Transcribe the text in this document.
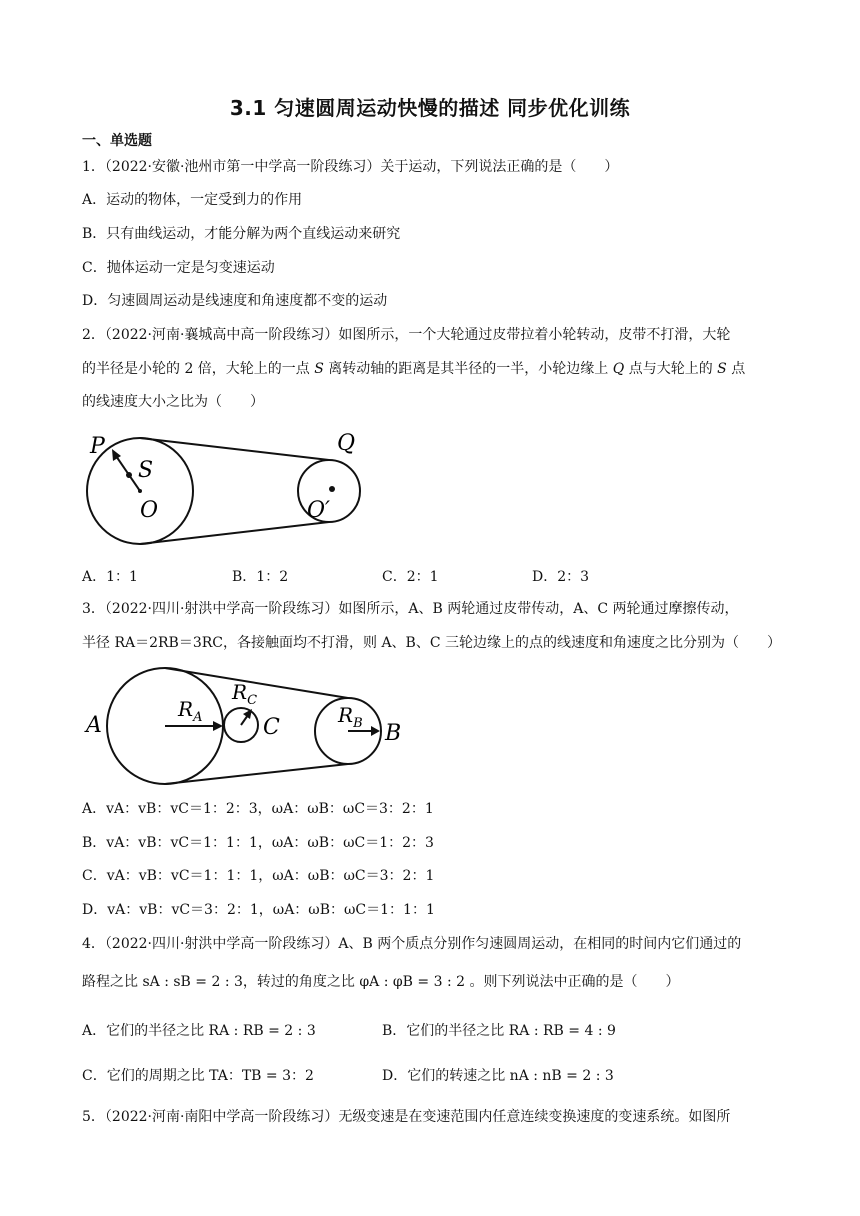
3.1 匀速圆周运动快慢的描述 同步优化训练
一、单选题
1．（2022·安徽·池州市第一中学高一阶段练习）关于运动，下列说法正确的是（　　）
A．运动的物体，一定受到力的作用
B．只有曲线运动，才能分解为两个直线运动来研究
C．抛体运动一定是匀变速运动
D．匀速圆周运动是线速度和角速度都不变的运动
2．（2022·河南·襄城高中高一阶段练习）如图所示，一个大轮通过皮带拉着小轮转动，皮带不打滑，大轮
的半径是小轮的 2 倍，大轮上的一点 S 离转动轴的距离是其半径的一半，小轮边缘上 Q 点与大轮上的 S 点
的线速度大小之比为（　　）
P
S
O
Q
O′
A．1：1	B．1：2	C．2：1	D．2：3
3．（2022·四川·射洪中学高一阶段练习）如图所示，A、B 两轮通过皮带传动，A、C 两轮通过摩擦传动，
半径 RA＝2RB＝3RC，各接触面均不打滑，则 A、B、C 三轮边缘上的点的线速度和角速度之比分别为（　　）
A
$R_A$
$R_C$
C	$R_B$ B
A．vA：vB：vC＝1：2：3，ωA：ωB：ωC＝3：2：1
B．vA：vB：vC＝1：1：1，ωA：ωB：ωC＝1：2：3
C．vA：vB：vC＝1：1：1，ωA：ωB：ωC＝3：2：1
D．vA：vB：vC＝3：2：1，ωA：ωB：ωC＝1：1：1
4．（2022·四川·射洪中学高一阶段练习）A、B 两个质点分别作匀速圆周运动，在相同的时间内它们通过的
路程之比 sA : sB = 2 : 3，转过的角度之比 φA : φB = 3 : 2 。则下列说法中正确的是（　　）
A．它们的半径之比 RA : RB = 2 : 3	B．它们的半径之比 RA : RB = 4 : 9
C．它们的周期之比 TA：TB = 3：2	D．它们的转速之比 nA : nB = 2 : 3
5．（2022·河南·南阳中学高一阶段练习）无级变速是在变速范围内任意连续变换速度的变速系统。如图所
